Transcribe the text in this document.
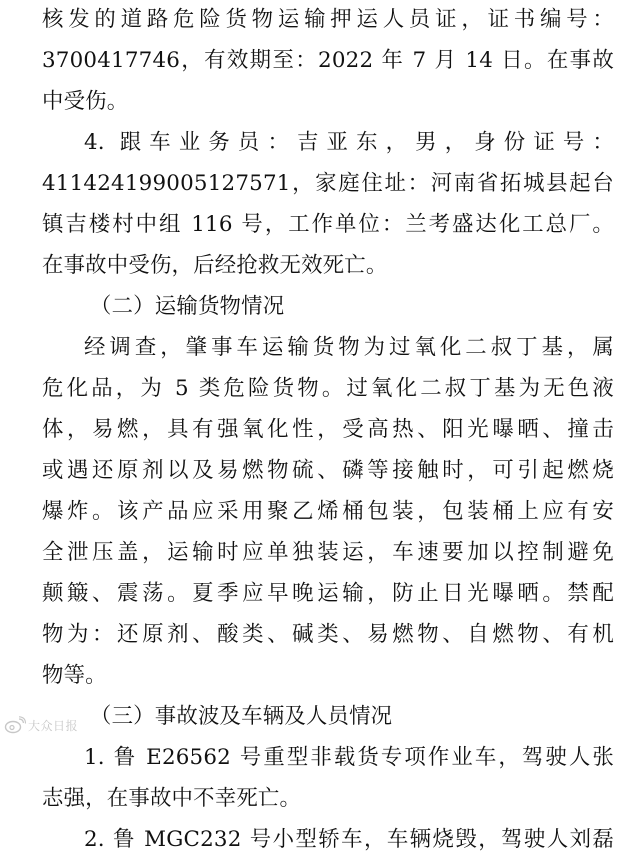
核发的道路危险货物运输押运人员证，证书编号：
3700417746，有效期至：2022 年 7 月 14 日。在事故
中受伤。
4. 跟车业务员：吉亚东，男，身份证号：
411424199005127571，家庭住址：河南省拓城县起台
镇吉楼村中组 116 号，工作单位：兰考盛达化工总厂。
在事故中受伤，后经抢救无效死亡。
（二）运输货物情况
经调查，肇事车运输货物为过氧化二叔丁基，属
危化品，为 5 类危险货物。过氧化二叔丁基为无色液
体，易燃，具有强氧化性，受高热、阳光曝晒、撞击
或遇还原剂以及易燃物硫、磷等接触时，可引起燃烧
爆炸。该产品应采用聚乙烯桶包装，包装桶上应有安
全泄压盖，运输时应单独装运，车速要加以控制避免
颠簸、震荡。夏季应早晚运输，防止日光曝晒。禁配
物为：还原剂、酸类、碱类、易燃物、自燃物、有机
物等。
（三）事故波及车辆及人员情况
1. 鲁 E26562 号重型非载货专项作业车，驾驶人张
志强，在事故中不幸死亡。
2. 鲁 MGC232 号小型轿车，车辆烧毁，驾驶人刘磊
大众日报
